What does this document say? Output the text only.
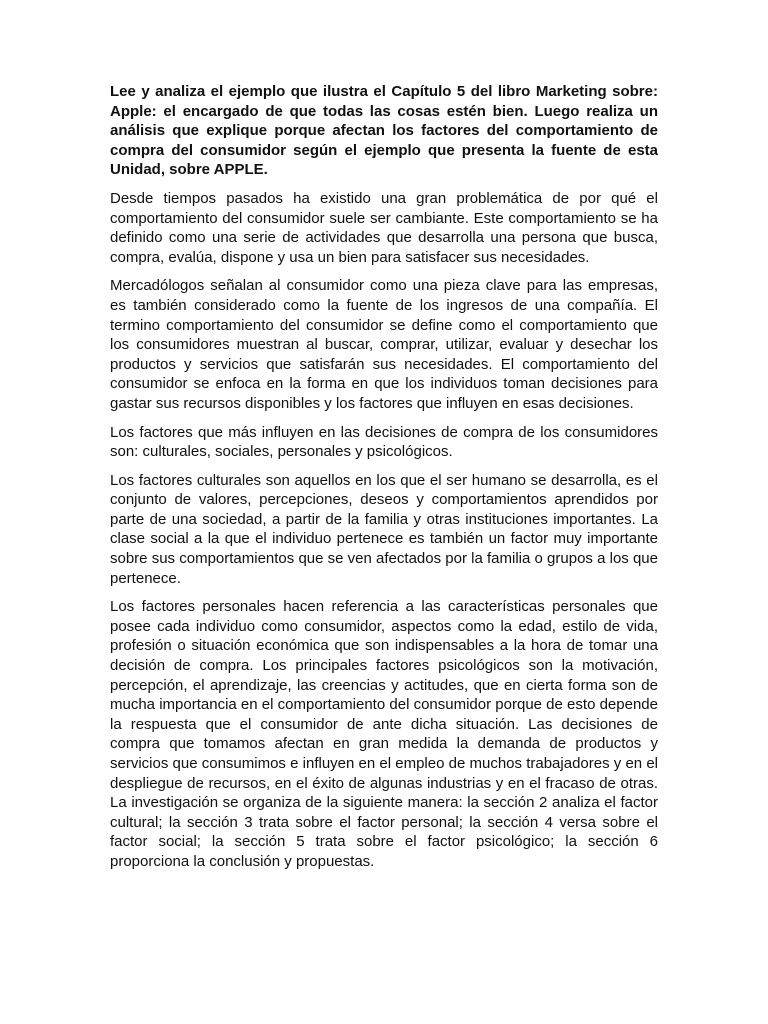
Lee y analiza el ejemplo que ilustra el Capítulo 5 del libro Marketing sobre: Apple: el encargado de que todas las cosas estén bien. Luego realiza un análisis que explique porque afectan los factores del comportamiento de compra del consumidor según el ejemplo que presenta la fuente de esta Unidad, sobre APPLE.

Desde tiempos pasados ha existido una gran problemática de por qué el comportamiento del consumidor suele ser cambiante. Este comportamiento se ha definido como una serie de actividades que desarrolla una persona que busca, compra, evalúa, dispone y usa un bien para satisfacer sus necesidades.

Mercadólogos señalan al consumidor como una pieza clave para las empresas, es también considerado como la fuente de los ingresos de una compañía. El termino comportamiento del consumidor se define como el comportamiento que los consumidores muestran al buscar, comprar, utilizar, evaluar y desechar los productos y servicios que satisfarán sus necesidades. El comportamiento del consumidor se enfoca en la forma en que los individuos toman decisiones para gastar sus recursos disponibles y los factores que influyen en esas decisiones.

Los factores que más influyen en las decisiones de compra de los consumidores son: culturales, sociales, personales y psicológicos.

Los factores culturales son aquellos en los que el ser humano se desarrolla, es el conjunto de valores, percepciones, deseos y comportamientos aprendidos por parte de una sociedad, a partir de la familia y otras instituciones importantes. La clase social a la que el individuo pertenece es también un factor muy importante sobre sus comportamientos que se ven afectados por la familia o grupos a los que pertenece.

Los factores personales hacen referencia a las características personales que posee cada individuo como consumidor, aspectos como la edad, estilo de vida, profesión o situación económica que son indispensables a la hora de tomar una decisión de compra. Los principales factores psicológicos son la motivación, percepción, el aprendizaje, las creencias y actitudes, que en cierta forma son de mucha importancia en el comportamiento del consumidor porque de esto depende la respuesta que el consumidor de ante dicha situación. Las decisiones de compra que tomamos afectan en gran medida la demanda de productos y servicios que consumimos e influyen en el empleo de muchos trabajadores y en el despliegue de recursos, en el éxito de algunas industrias y en el fracaso de otras. La investigación se organiza de la siguiente manera: la sección 2 analiza el factor cultural; la sección 3 trata sobre el factor personal; la sección 4 versa sobre el factor social; la sección 5 trata sobre el factor psicológico; la sección 6 proporciona la conclusión y propuestas.
